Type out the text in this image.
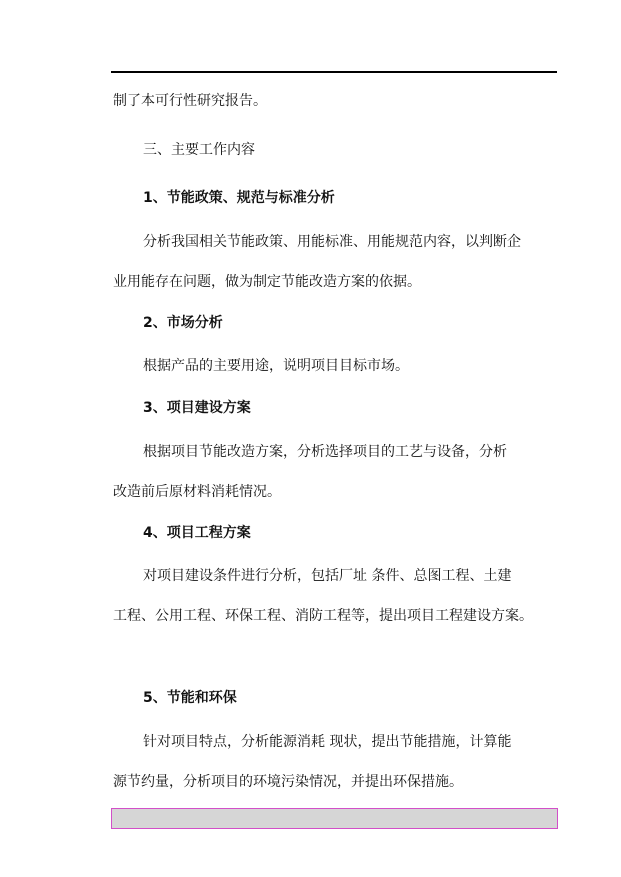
制了本可行性研究报告。
三、主要工作内容
1、节能政策、规范与标准分析
分析我国相关节能政策、用能标准、用能规范内容，以判断企
业用能存在问题，做为制定节能改造方案的依据。
2、市场分析
根据产品的主要用途，说明项目目标市场。
3、项目建设方案
根据项目节能改造方案，分析选择项目的工艺与设备，分析
改造前后原材料消耗情况。
4、项目工程方案
对项目建设条件进行分析，包括厂址 条件、总图工程、土建
工程、公用工程、环保工程、消防工程等，提出项目工程建设方案。
5、节能和环保
针对项目特点，分析能源消耗 现状，提出节能措施，计算能
源节约量，分析项目的环境污染情况，并提出环保措施。
